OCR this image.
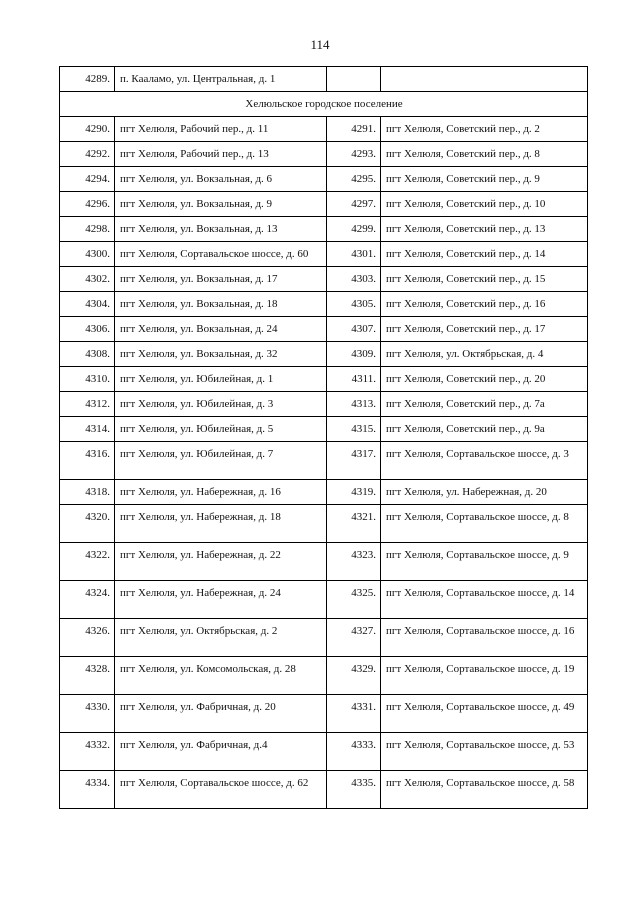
114
4289.	п. Кааламо, ул. Центральная, д. 1		
Хелюльское городское поселение			
4290.	пгт Хелюля, Рабочий пер., д. 11	4291.	пгт Хелюля, Советский пер., д. 2
4292.	пгт Хелюля, Рабочий пер., д. 13	4293.	пгт Хелюля, Советский пер., д. 8
4294.	пгт Хелюля, ул. Вокзальная, д. 6	4295.	пгт Хелюля, Советский пер., д. 9
4296.	пгт Хелюля, ул. Вокзальная, д. 9	4297.	пгт Хелюля, Советский пер., д. 10
4298.	пгт Хелюля, ул. Вокзальная, д. 13	4299.	пгт Хелюля, Советский пер., д. 13
4300.	пгт Хелюля, Сортавальское шоссе, д. 60	4301.	пгт Хелюля, Советский пер., д. 14
4302.	пгт Хелюля, ул. Вокзальная, д. 17	4303.	пгт Хелюля, Советский пер., д. 15
4304.	пгт Хелюля, ул. Вокзальная, д. 18	4305.	пгт Хелюля, Советский пер., д. 16
4306.	пгт Хелюля, ул. Вокзальная, д. 24	4307.	пгт Хелюля, Советский пер., д. 17
4308.	пгт Хелюля, ул. Вокзальная, д. 32	4309.	пгт Хелюля, ул. Октябрьская, д. 4
4310.	пгт Хелюля, ул. Юбилейная, д. 1	4311.	пгт Хелюля, Советский пер., д. 20
4312.	пгт Хелюля, ул. Юбилейная, д. 3	4313.	пгт Хелюля, Советский пер., д. 7а
4314.	пгт Хелюля, ул. Юбилейная, д. 5	4315.	пгт Хелюля, Советский пер., д. 9а
4316.	пгт Хелюля, ул. Юбилейная, д. 7	4317.	пгт Хелюля, Сортавальское шоссе, д. 3
4318.	пгт Хелюля, ул. Набережная, д. 16	4319.	пгт Хелюля, ул. Набережная, д. 20
4320.	пгт Хелюля, ул. Набережная, д. 18	4321.	пгт Хелюля, Сортавальское шоссе, д. 8
4322.	пгт Хелюля, ул. Набережная, д. 22	4323.	пгт Хелюля, Сортавальское шоссе, д. 9
4324.	пгт Хелюля, ул. Набережная, д. 24	4325.	пгт Хелюля, Сортавальское шоссе, д. 14
4326.	пгт Хелюля, ул. Октябрьская, д. 2	4327.	пгт Хелюля, Сортавальское шоссе, д. 16
4328.	пгт Хелюля, ул. Комсомольская, д. 28	4329.	пгт Хелюля, Сортавальское шоссе, д. 19
4330.	пгт Хелюля, ул. Фабричная, д. 20	4331.	пгт Хелюля, Сортавальское шоссе, д. 49
4332.	пгт Хелюля, ул. Фабричная, д.4	4333.	пгт Хелюля, Сортавальское шоссе, д. 53
4334.	пгт Хелюля, Сортавальское шоссе, д. 62	4335.	пгт Хелюля, Сортавальское шоссе, д. 58
